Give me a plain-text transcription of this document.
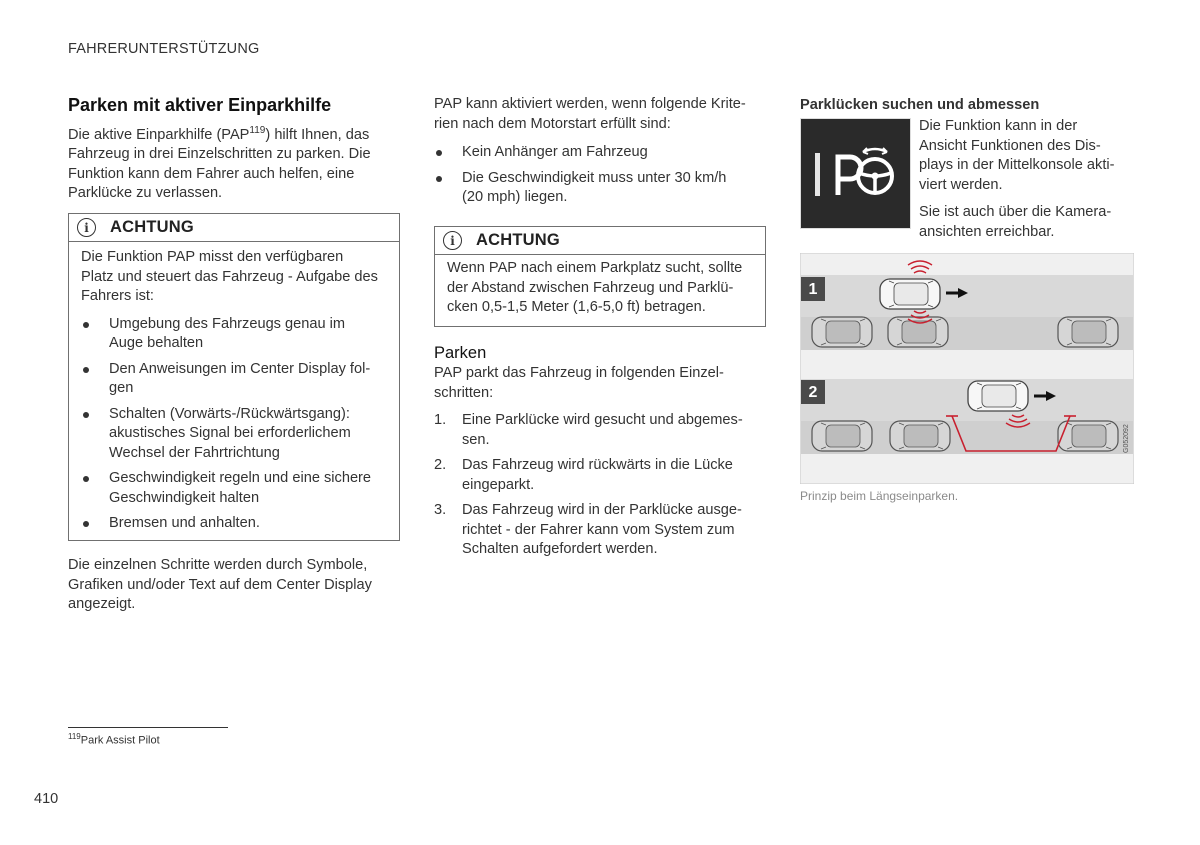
FAHRERUNTERSTÜTZUNG
Parken mit aktiver Einparkhilfe
Die aktive Einparkhilfe (PAP$^{119}$) hilft Ihnen, das
Fahrzeug in drei Einzelschritten zu parken. Die
Funktion kann dem Fahrer auch helfen, eine
Parklücke zu verlassen.
i	ACHTUNG
Die Funktion PAP misst den verfügbaren
Platz und steuert das Fahrzeug - Aufgabe des
Fahrers ist:
Umgebung des Fahrzeugs genau im
Auge behalten
Den Anweisungen im Center Display fol-
gen
Schalten (Vorwärts-/Rückwärtsgang):
akustisches Signal bei erforderlichem
Wechsel der Fahrtrichtung
Geschwindigkeit regeln und eine sichere
Geschwindigkeit halten
Bremsen und anhalten.
Die einzelnen Schritte werden durch Symbole,
Grafiken und/oder Text auf dem Center Display
angezeigt.
PAP kann aktiviert werden, wenn folgende Krite-
rien nach dem Motorstart erfüllt sind:
Kein Anhänger am Fahrzeug
Die Geschwindigkeit muss unter 30 km/h
(20 mph) liegen.
i	ACHTUNG
Wenn PAP nach einem Parkplatz sucht, sollte
der Abstand zwischen Fahrzeug und Parklü-
cken 0,5-1,5 Meter (1,6-5,0 ft) betragen.
Parken
PAP parkt das Fahrzeug in folgenden Einzel-
schritten:
1. Eine Parklücke wird gesucht und abgemes-
sen.
2. Das Fahrzeug wird rückwärts in die Lücke
eingeparkt.
3. Das Fahrzeug wird in der Parklücke ausge-
richtet - der Fahrer kann vom System zum
Schalten aufgefordert werden.
Parklücken suchen und abmessen
Die Funktion kann in der
Ansicht Funktionen des Dis-
plays in der Mittelkonsole akti-
viert werden.
Sie ist auch über die Kamera-
ansichten erreichbar.
1
2
G052092
Prinzip beim Längseinparken.
$^{119}$Park Assist Pilot
410
